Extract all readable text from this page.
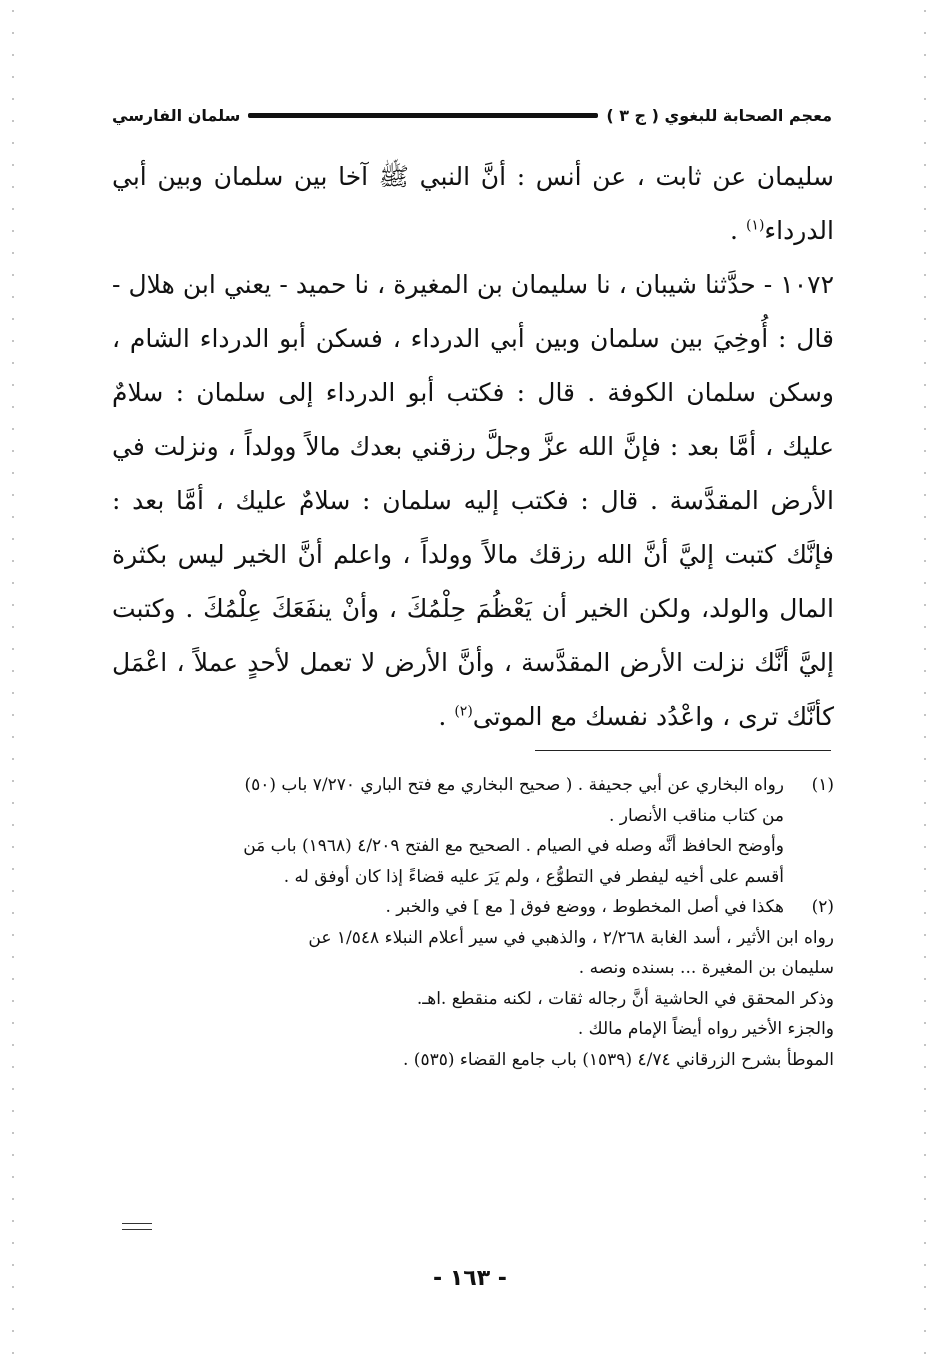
معجم الصحابة للبغوي ( ج ٣ )
سلمان الفارسي

سليمان عن ثابت ، عن أنس : أنَّ النبي ﷺ آخا بين سلمان وبين أبي الدرداء$^{(١)}$ .

١٠٧٢ - حدَّثنا شيبان ، نا سليمان بن المغيرة ، نا حميد - يعني ابن هلال - قال : أُوخِيَ بين سلمان وبين أبي الدرداء ، فسكن أبو الدرداء الشام ، وسكن سلمان الكوفة . قال : فكتب أبو الدرداء إلى سلمان : سلامٌ عليك ، أمَّا بعد : فإنَّ الله عزَّ وجلَّ رزقني بعدك مالاً وولداً ، ونزلت في الأرض المقدَّسة . قال : فكتب إليه سلمان : سلامٌ عليك ، أمَّا بعد : فإنَّك كتبت إليَّ أنَّ الله رزقك مالاً وولداً ، واعلم أنَّ الخير ليس بكثرة المال والولد، ولكن الخير أن يَعْظُمَ حِلْمُكَ ، وأنْ ينفَعَكَ عِلْمُكَ . وكتبت إليَّ أنَّك نزلت الأرض المقدَّسة ، وأنَّ الأرض لا تعمل لأحدٍ عملاً ، اعْمَل كأنَّك ترى ، واعْدُد نفسك مع الموتى$^{(٢)}$ .

(١)
رواه البخاري عن أبي جحيفة . ( صحيح البخاري مع فتح الباري ٧/٢٧٠ باب (٥٠)
من كتاب مناقب الأنصار .
وأوضح الحافظ أنَّه وصله في الصيام . الصحيح مع الفتح ٤/٢٠٩ (١٩٦٨) باب مَن
أقسم على أخيه ليفطر في التطوُّع ، ولم يَرَ عليه قضاءً إذا كان أوفق له .
(٢)
هكذا في أصل المخطوط ، ووضع فوق [ مع ] في والخبر .
رواه ابن الأثير ، أسد الغابة ٢/٢٦٨ ، والذهبي في سير أعلام النبلاء ١/٥٤٨ عن
سليمان بن المغيرة ... بسنده ونصه .
وذكر المحقق في الحاشية أنَّ رجاله ثقات ، لكنه منقطع .اهـ.
والجزء الأخير رواه أيضاً الإمام مالك .
الموطأ بشرح الزرقاني ٤/٧٤ (١٥٣٩) باب جامع القضاء (٥٣٥) .
- ١٦٣ -
